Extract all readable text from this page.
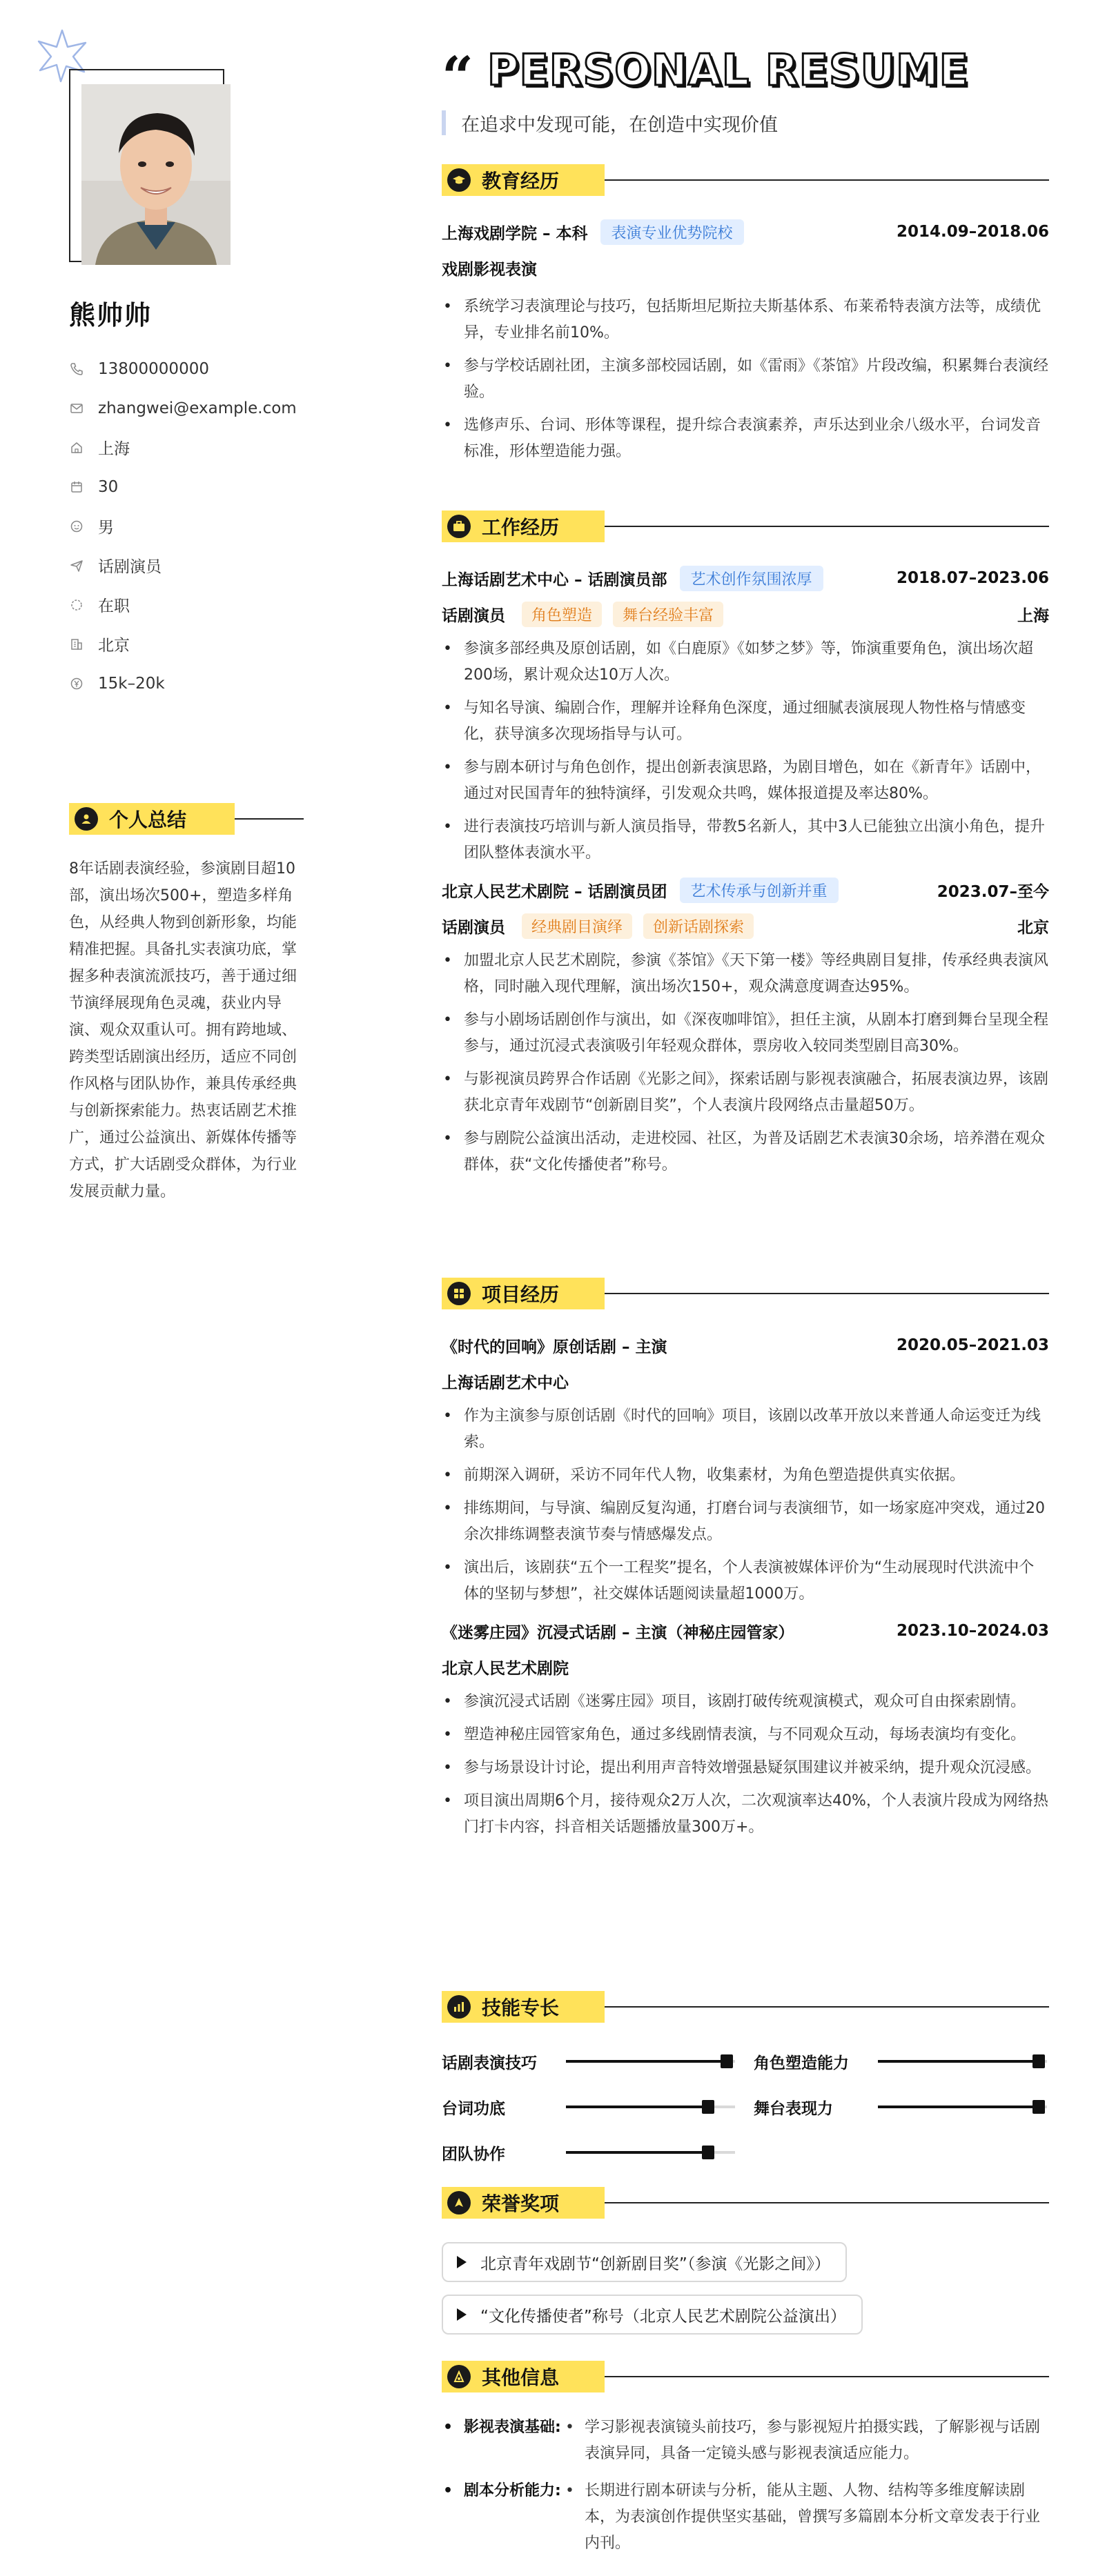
熊帅帅
13800000000
zhangwei@example.com
上海
30
男
话剧演员
在职
北京
15k–20k
个人总结
8年话剧表演经验，参演剧目超10部，演出场次500+，塑造多样角色，从经典人物到创新形象，均能精准把握。具备扎实表演功底，掌握多种表演流派技巧，善于通过细节演绎展现角色灵魂，获业内导演、观众双重认可。拥有跨地域、跨类型话剧演出经历，适应不同创作风格与团队协作，兼具传承经典与创新探索能力。热衷话剧艺术推广，通过公益演出、新媒体传播等方式，扩大话剧受众群体，为行业发展贡献力量。
“ PERSONAL RESUME
在追求中发现可能，在创造中实现价值
教育经历
上海戏剧学院 – 本科	表演专业优势院校	2014.09–2018.06
戏剧影视表演
• 系统学习表演理论与技巧，包括斯坦尼斯拉夫斯基体系、布莱希特表演方法等，成绩优异，专业排名前10%。
• 参与学校话剧社团，主演多部校园话剧，如《雷雨》《茶馆》片段改编，积累舞台表演经验。
• 选修声乐、台词、形体等课程，提升综合表演素养，声乐达到业余八级水平，台词发音标准，形体塑造能力强。
工作经历
上海话剧艺术中心 – 话剧演员部	艺术创作氛围浓厚	2018.07–2023.06
话剧演员	角色塑造	舞台经验丰富	上海
• 参演多部经典及原创话剧，如《白鹿原》《如梦之梦》等，饰演重要角色，演出场次超200场，累计观众达10万人次。
• 与知名导演、编剧合作，理解并诠释角色深度，通过细腻表演展现人物性格与情感变化，获导演多次现场指导与认可。
• 参与剧本研讨与角色创作，提出创新表演思路，为剧目增色，如在《新青年》话剧中，通过对民国青年的独特演绎，引发观众共鸣，媒体报道提及率达80%。
• 进行表演技巧培训与新人演员指导，带教5名新人，其中3人已能独立出演小角色，提升团队整体表演水平。
北京人民艺术剧院 – 话剧演员团	艺术传承与创新并重	2023.07–至今
话剧演员	经典剧目演绎	创新话剧探索	北京
• 加盟北京人民艺术剧院，参演《茶馆》《天下第一楼》等经典剧目复排，传承经典表演风格，同时融入现代理解，演出场次150+，观众满意度调查达95%。
• 参与小剧场话剧创作与演出，如《深夜咖啡馆》，担任主演，从剧本打磨到舞台呈现全程参与，通过沉浸式表演吸引年轻观众群体，票房收入较同类型剧目高30%。
• 与影视演员跨界合作话剧《光影之间》，探索话剧与影视表演融合，拓展表演边界，该剧获北京青年戏剧节“创新剧目奖”，个人表演片段网络点击量超50万。
• 参与剧院公益演出活动，走进校园、社区，为普及话剧艺术表演30余场，培养潜在观众群体，获“文化传播使者”称号。
项目经历
《时代的回响》原创话剧 – 主演	2020.05–2021.03
上海话剧艺术中心
• 作为主演参与原创话剧《时代的回响》项目，该剧以改革开放以来普通人命运变迁为线索。
• 前期深入调研，采访不同年代人物，收集素材，为角色塑造提供真实依据。
• 排练期间，与导演、编剧反复沟通，打磨台词与表演细节，如一场家庭冲突戏，通过20余次排练调整表演节奏与情感爆发点。
• 演出后，该剧获“五个一工程奖”提名，个人表演被媒体评价为“生动展现时代洪流中个体的坚韧与梦想”，社交媒体话题阅读量超1000万。
《迷雾庄园》沉浸式话剧 – 主演（神秘庄园管家）	2023.10–2024.03
北京人民艺术剧院
• 参演沉浸式话剧《迷雾庄园》项目，该剧打破传统观演模式，观众可自由探索剧情。
• 塑造神秘庄园管家角色，通过多线剧情表演，与不同观众互动，每场表演均有变化。
• 参与场景设计讨论，提出利用声音特效增强悬疑氛围建议并被采纳，提升观众沉浸感。
• 项目演出周期6个月，接待观众2万人次，二次观演率达40%，个人表演片段成为网络热门打卡内容，抖音相关话题播放量300万+。
技能专长
话剧表演技巧	角色塑造能力
台词功底	舞台表现力
团队协作
荣誉奖项
北京青年戏剧节“创新剧目奖”（参演《光影之间》）
“文化传播使者”称号（北京人民艺术剧院公益演出）
其他信息
• 影视表演基础:	• 学习影视表演镜头前技巧，参与影视短片拍摄实践，了解影视与话剧表演异同，具备一定镜头感与影视表演适应能力。
• 剧本分析能力:	• 长期进行剧本研读与分析，能从主题、人物、结构等多维度解读剧本，为表演创作提供坚实基础，曾撰写多篇剧本分析文章发表于行业内刊。
